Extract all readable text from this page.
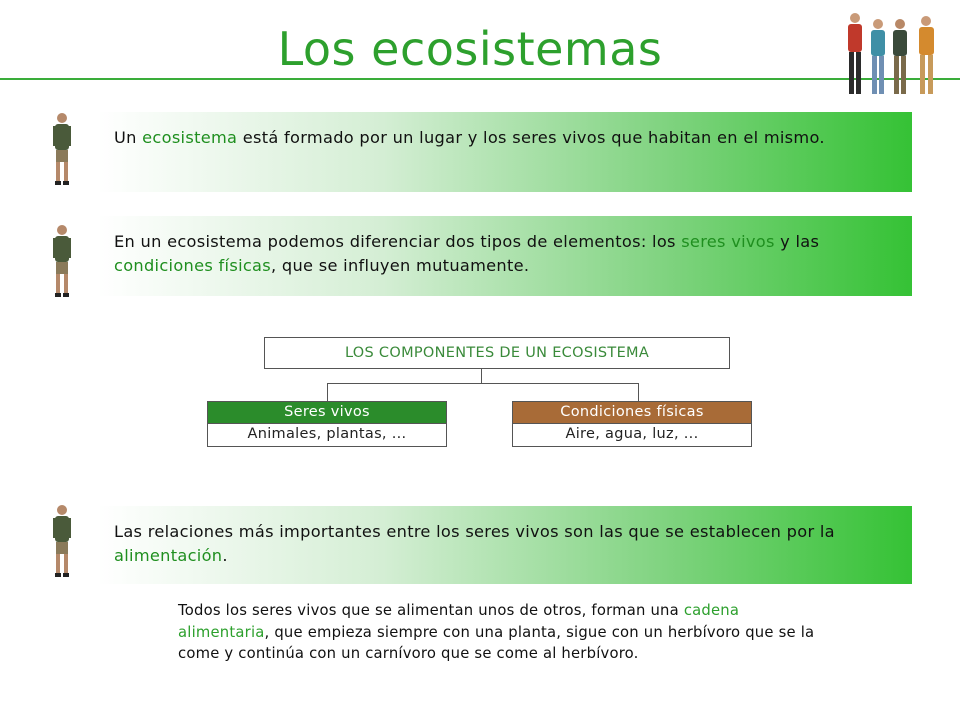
Los ecosistemas
Un ecosistema está formado por un lugar y los seres vivos que habitan en el mismo.
En un ecosistema podemos diferenciar dos tipos de elementos: los seres vivos y las condiciones físicas, que se influyen mutuamente.
LOS COMPONENTES DE UN ECOSISTEMA
Seres vivos
Animales, plantas, ...
Condiciones físicas
Aire, agua, luz, ...
Las relaciones más importantes entre los seres vivos son las que se establecen por la alimentación.
Todos los seres vivos que se alimentan unos de otros, forman una cadena alimentaria, que empieza siempre con una planta, sigue con un herbívoro que se la come y continúa con un carnívoro que se come al herbívoro.
